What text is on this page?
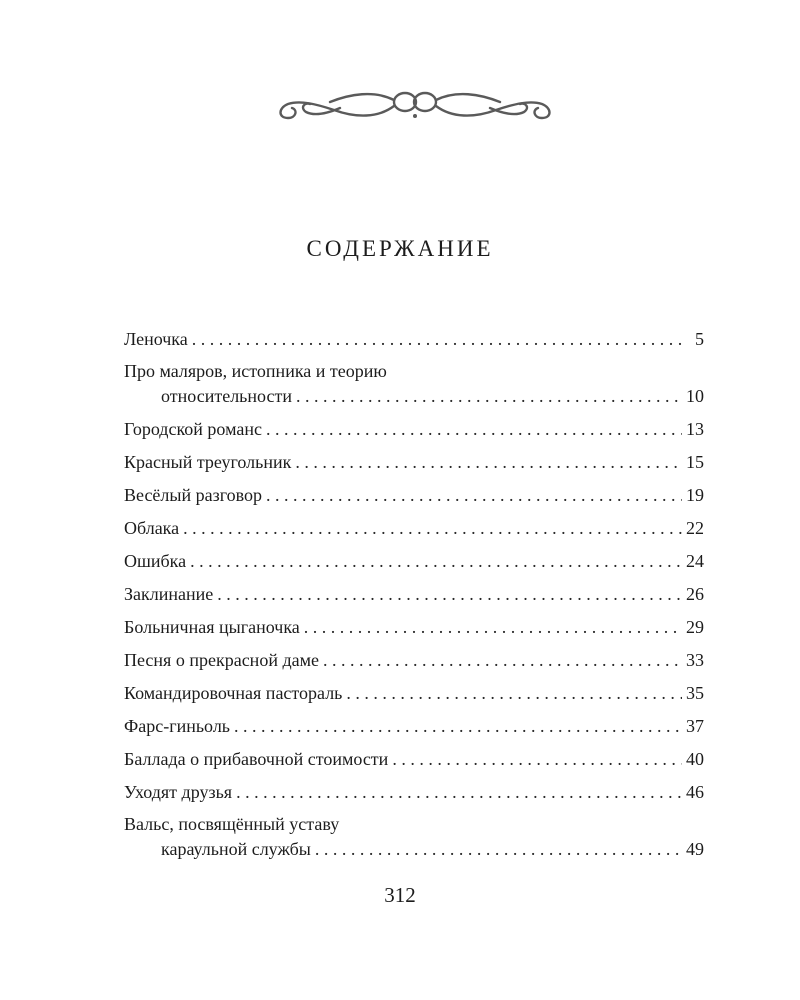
СОДЕРЖАНИЕ
Леночка . . .	5
Про маляров, истопника и теорию
относительности . . .	10
Городской романс . . .	13
Красный треугольник . . .	15
Весёлый разговор . . .	19
Облака . . .	22
Ошибка . . .	24
Заклинание . . .	26
Больничная цыганочка . . .	29
Песня о прекрасной даме . . .	33
Командировочная пастораль . . .	35
Фарс-гиньоль . . .	37
Баллада о прибавочной стоимости . . .	40
Уходят друзья . . .	46
Вальс, посвящённый уставу
караульной службы . . .	49
312
